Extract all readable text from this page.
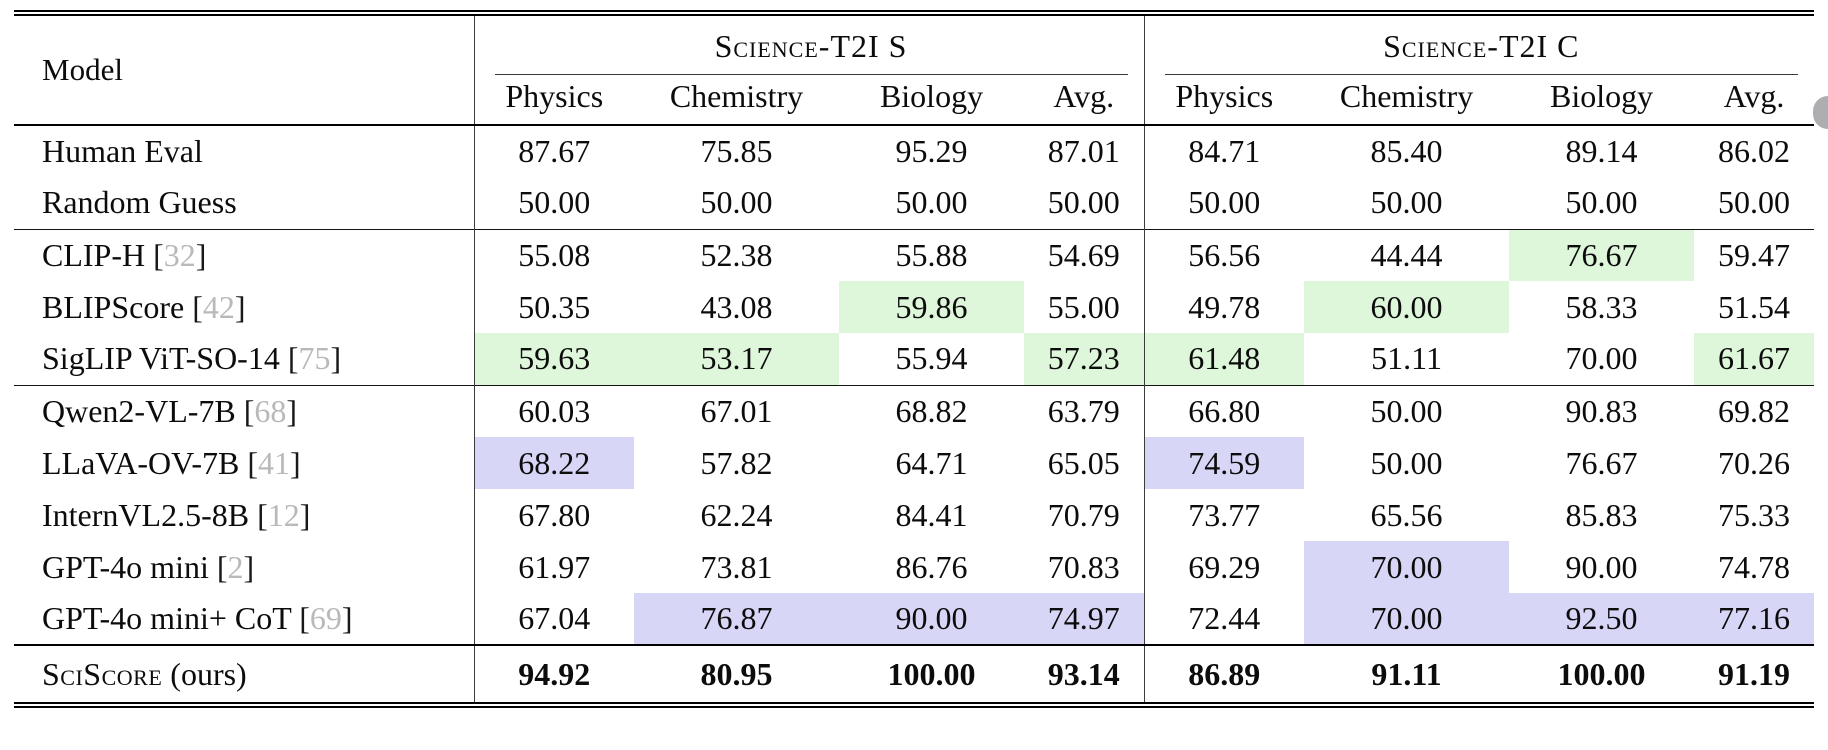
Model	Science-T2I S				Science-T2I C			

	Physics	Chemistry	Biology	Avg.	Physics	Chemistry	Biology	Avg.
Human Eval	87.67	75.85	95.29	87.01	84.71	85.40	89.14	86.02
Random Guess	50.00	50.00	50.00	50.00	50.00	50.00	50.00	50.00
CLIP-H [32]	55.08	52.38	55.88	54.69	56.56	44.44	76.67	59.47
BLIPScore [42]	50.35	43.08	59.86	55.00	49.78	60.00	58.33	51.54
SigLIP ViT-SO-14 [75]	59.63	53.17	55.94	57.23	61.48	51.11	70.00	61.67
Qwen2-VL-7B [68]	60.03	67.01	68.82	63.79	66.80	50.00	90.83	69.82
LLaVA-OV-7B [41]	68.22	57.82	64.71	65.05	74.59	50.00	76.67	70.26
InternVL2.5-8B [12]	67.80	62.24	84.41	70.79	73.77	65.56	85.83	75.33
GPT-4o mini [2]	61.97	73.81	86.76	70.83	69.29	70.00	90.00	74.78
GPT-4o mini+ CoT [69]	67.04	76.87	90.00	74.97	72.44	70.00	92.50	77.16
SciScore (ours)	94.92	80.95	100.00	93.14	86.89	91.11	100.00	91.19
